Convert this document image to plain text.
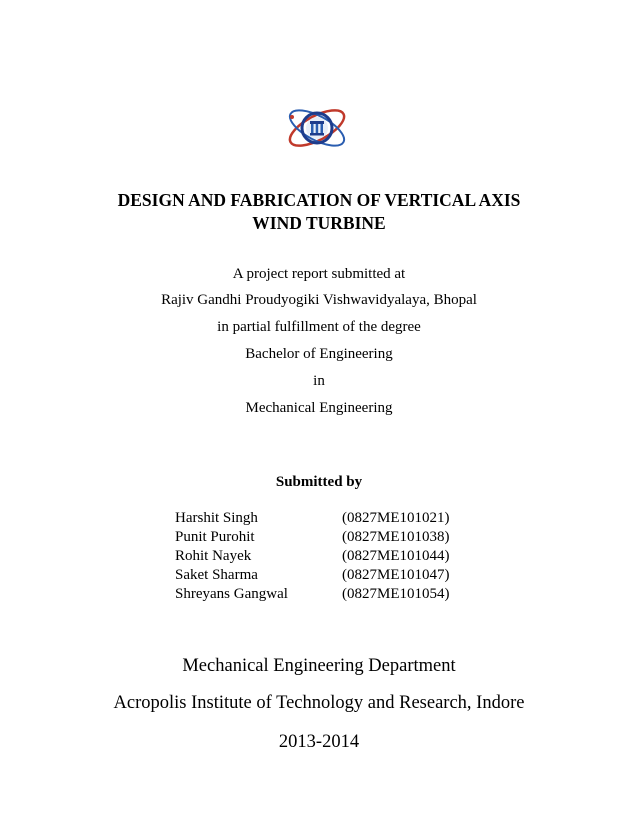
DESIGN AND FABRICATION OF VERTICAL AXIS
WIND TURBINE
A project report submitted at
Rajiv Gandhi Proudyogiki Vishwavidyalaya, Bhopal
in partial fulfillment of the degree
Bachelor of Engineering
in
Mechanical Engineering
Submitted by
Harshit Singh	(0827ME101021)
Punit Purohit	(0827ME101038)
Rohit Nayek	(0827ME101044)
Saket Sharma	(0827ME101047)
Shreyans Gangwal	(0827ME101054)
Mechanical Engineering Department
Acropolis Institute of Technology and Research, Indore
2013-2014
